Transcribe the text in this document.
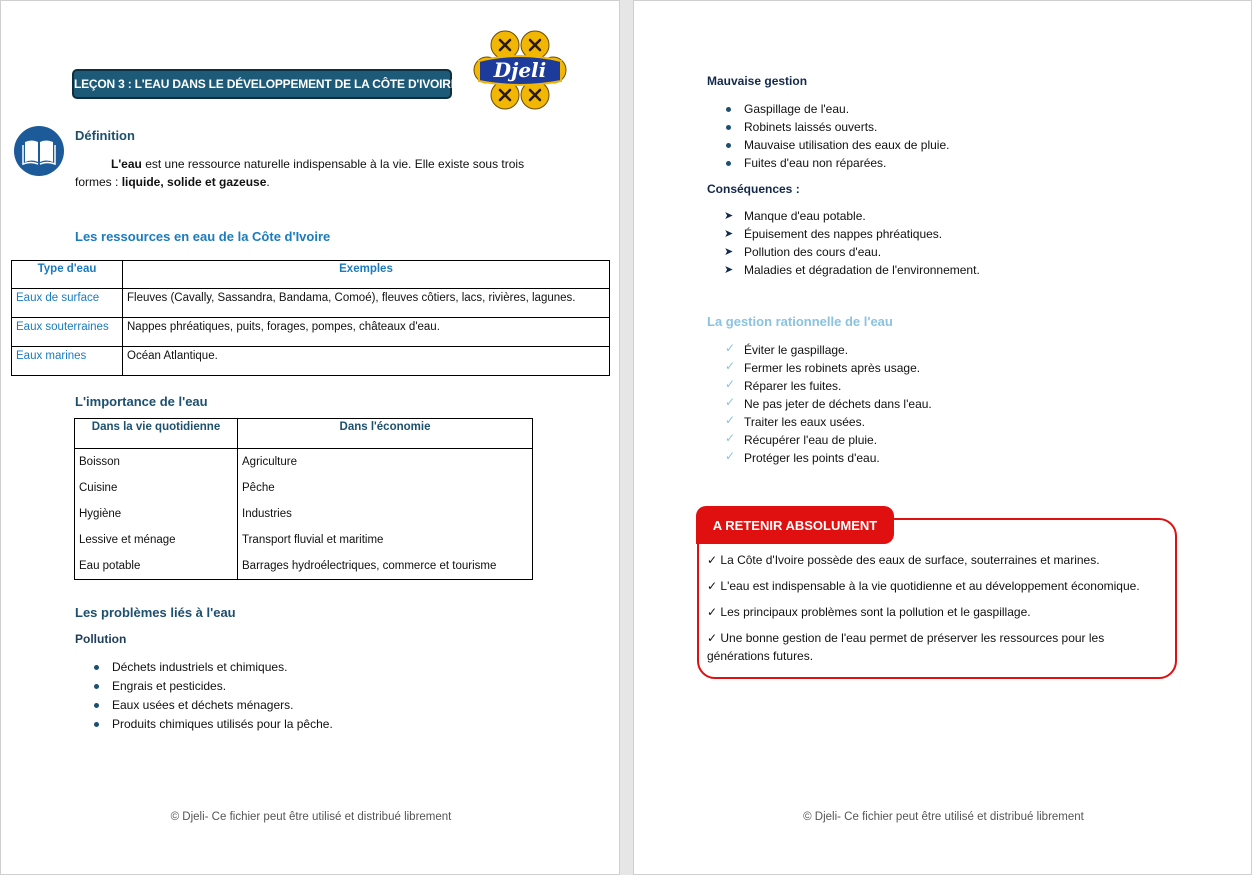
LEÇON 3 : L'EAU DANS LE DÉVELOPPEMENT DE LA CÔTE D'IVOIRE
Djeli
Définition
L'eau est une ressource naturelle indispensable à la vie. Elle existe sous trois formes : liquide, solide et gazeuse.
Les ressources en eau de la Côte d'Ivoire
Type d'eau	Exemples
Eaux de surface	Fleuves (Cavally, Sassandra, Bandama, Comoé), fleuves côtiers, lacs, rivières, lagunes.
Eaux souterraines	Nappes phréatiques, puits, forages, pompes, châteaux d'eau.
Eaux marines	Océan Atlantique.
L'importance de l'eau
Dans la vie quotidienne	Dans l'économie
Boisson	Agriculture
Cuisine	Pêche
Hygiène	Industries
Lessive et ménage	Transport fluvial et maritime
Eau potable	Barrages hydroélectriques, commerce et tourisme
Les problèmes liés à l'eau
Pollution
Déchets industriels et chimiques.
Engrais et pesticides.
Eaux usées et déchets ménagers.
Produits chimiques utilisés pour la pêche.
© Djeli- Ce fichier peut être utilisé et distribué librement	© Djeli- Ce fichier peut être utilisé et distribué librement
Mauvaise gestion
Gaspillage de l'eau.
Robinets laissés ouverts.
Mauvaise utilisation des eaux de pluie.
Fuites d'eau non réparées.
Conséquences :
➤ Manque d'eau potable.
➤ Épuisement des nappes phréatiques.
➤ Pollution des cours d'eau.
➤ Maladies et dégradation de l'environnement.
La gestion rationnelle de l'eau
✓ Éviter le gaspillage.
✓ Fermer les robinets après usage.
✓ Réparer les fuites.
✓ Ne pas jeter de déchets dans l'eau.
✓ Traiter les eaux usées.
✓ Récupérer l'eau de pluie.
✓ Protéger les points d'eau.
A RETENIR ABSOLUMENT
✓ La Côte d'Ivoire possède des eaux de surface, souterraines et marines.
✓ L'eau est indispensable à la vie quotidienne et au développement économique.
✓ Les principaux problèmes sont la pollution et le gaspillage.
✓ Une bonne gestion de l'eau permet de préserver les ressources pour les générations futures.
